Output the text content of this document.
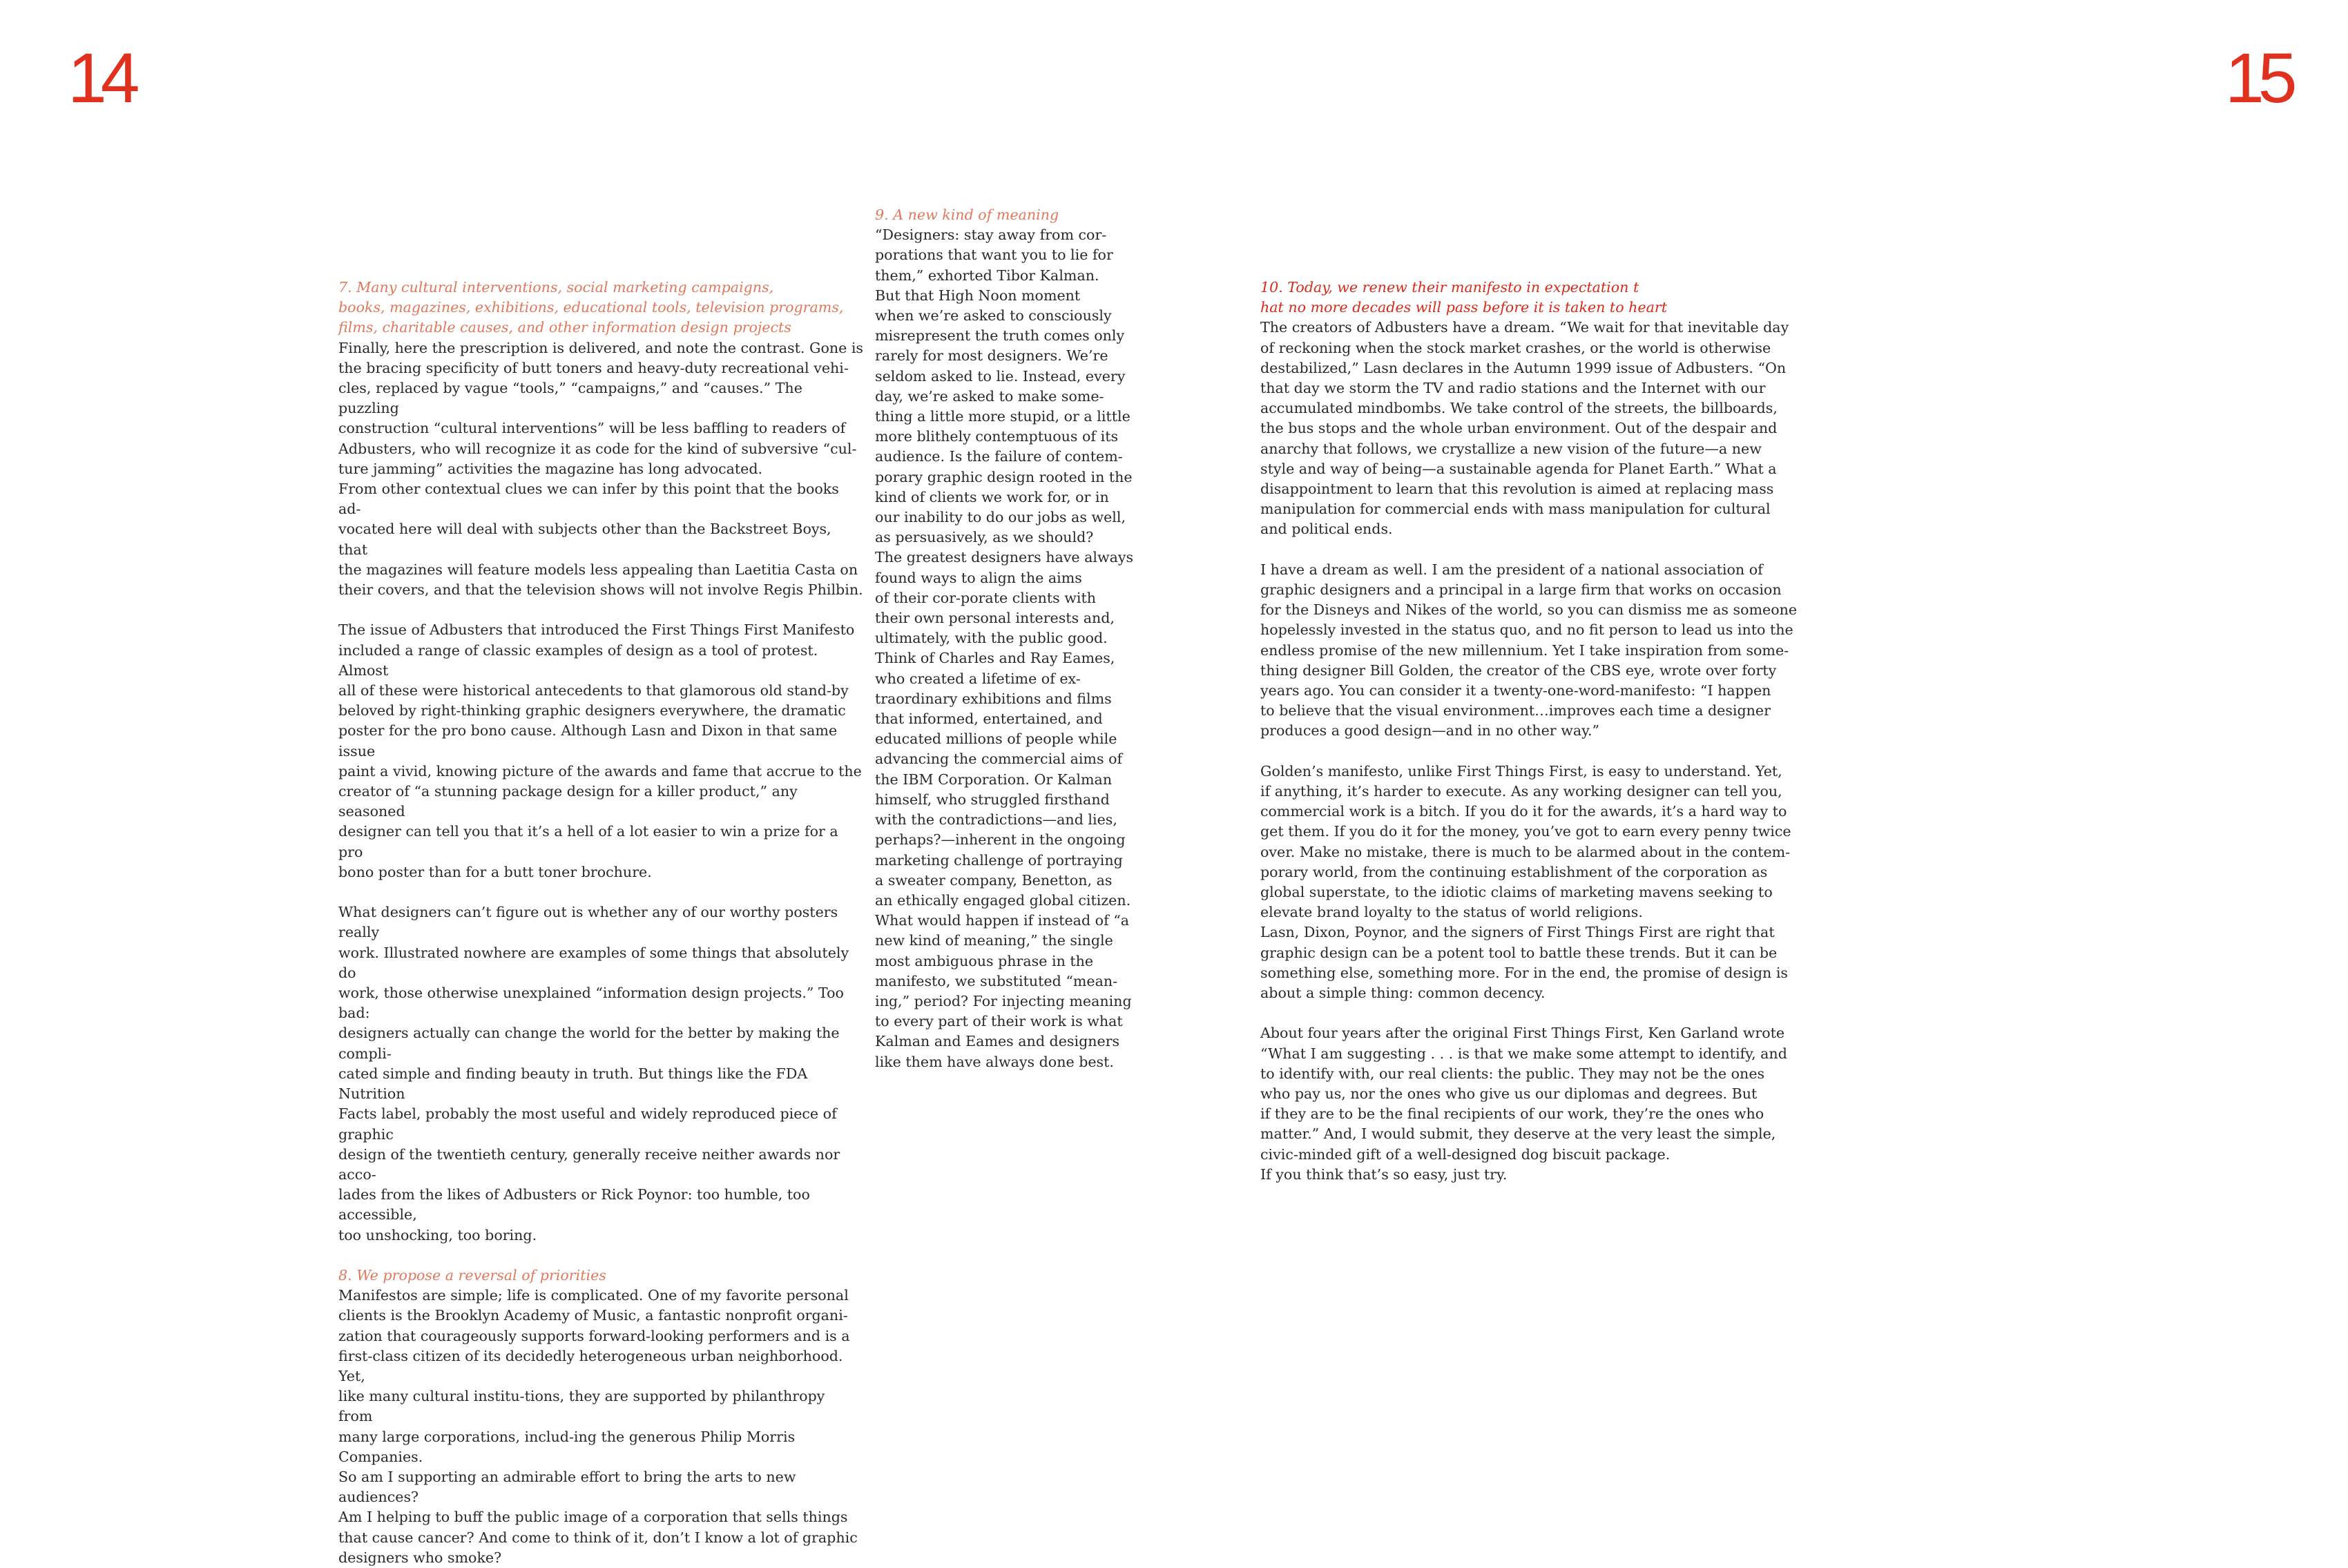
14	15

7. Many cultural interventions, social marketing campaigns,
books, magazines, exhibitions, educational tools, television programs,
films, charitable causes, and other information design projects

Finally, here the prescription is delivered, and note the contrast. Gone is
the bracing specificity of butt toners and heavy-duty recreational vehi-
cles, replaced by vague “tools,” “campaigns,” and “causes.” The puzzling
construction “cultural interventions” will be less baffling to readers of
Adbusters, who will recognize it as code for the kind of subversive “cul-
ture jamming” activities the magazine has long advocated.
From other contextual clues we can infer by this point that the books ad-
vocated here will deal with subjects other than the Backstreet Boys, that
the magazines will feature models less appealing than Laetitia Casta on
their covers, and that the television shows will not involve Regis Philbin.

The issue of Adbusters that introduced the First Things First Manifesto
included a range of classic examples of design as a tool of protest. Almost
all of these were historical antecedents to that glamorous old stand-by
beloved by right-thinking graphic designers everywhere, the dramatic
poster for the pro bono cause. Although Lasn and Dixon in that same issue
paint a vivid, knowing picture of the awards and fame that accrue to the
creator of “a stunning package design for a killer product,” any seasoned
designer can tell you that it’s a hell of a lot easier to win a prize for a pro
bono poster than for a butt toner brochure.

What designers can’t figure out is whether any of our worthy posters really
work. Illustrated nowhere are examples of some things that absolutely do
work, those otherwise unexplained “information design projects.” Too bad:
designers actually can change the world for the better by making the compli-
cated simple and finding beauty in truth. But things like the FDA Nutrition
Facts label, probably the most useful and widely reproduced piece of graphic
design of the twentieth century, generally receive neither awards nor acco-
lades from the likes of Adbusters or Rick Poynor: too humble, too accessible,
too unshocking, too boring.

8. We propose a reversal of priorities

Manifestos are simple; life is complicated. One of my favorite personal
clients is the Brooklyn Academy of Music, a fantastic nonprofit organi-
zation that courageously supports forward-looking performers and is a
first-class citizen of its decidedly heterogeneous urban neighborhood. Yet,
like many cultural institu-tions, they are supported by philanthropy from
many large corporations, includ-ing the generous Philip Morris Companies.
So am I supporting an admirable effort to bring the arts to new audiences?
Am I helping to buff the public image of a corporation that sells things
that cause cancer? And come to think of it, don’t I know a lot of graphic
designers who smoke?

9. A new kind of meaning

“Designers: stay away from cor-
porations that want you to lie for
them,” exhorted Tibor Kalman.
But that High Noon moment
when we’re asked to consciously
misrepresent the truth comes only
rarely for most designers. We’re
seldom asked to lie. Instead, every
day, we’re asked to make some-
thing a little more stupid, or a little
more blithely contemptuous of its
audience. Is the failure of contem-
porary graphic design rooted in the
kind of clients we work for, or in
our inability to do our jobs as well,
as persuasively, as we should?
The greatest designers have always
found ways to align the aims
of their cor-porate clients with
their own personal interests and,
ultimately, with the public good.
Think of Charles and Ray Eames,
who created a lifetime of ex-
traordinary exhibitions and films
that informed, entertained, and
educated millions of people while
advancing the commercial aims of
the IBM Corporation. Or Kalman
himself, who struggled firsthand
with the contradictions—and lies,
perhaps?—inherent in the ongoing
marketing challenge of portraying
a sweater company, Benetton, as
an ethically engaged global citizen.
What would happen if instead of “a
new kind of meaning,” the single
most ambiguous phrase in the
manifesto, we substituted “mean-
ing,” period? For injecting meaning
to every part of their work is what
Kalman and Eames and designers
like them have always done best.

10. Today, we renew their manifesto in expectation t
hat no more decades will pass before it is taken to heart

The creators of Adbusters have a dream. “We wait for that inevitable day
of reckoning when the stock market crashes, or the world is otherwise
destabilized,” Lasn declares in the Autumn 1999 issue of Adbusters. “On
that day we storm the TV and radio stations and the Internet with our
accumulated mindbombs. We take control of the streets, the billboards,
the bus stops and the whole urban environment. Out of the despair and
anarchy that follows, we crystallize a new vision of the future—a new
style and way of being—a sustainable agenda for Planet Earth.” What a
disappointment to learn that this revolution is aimed at replacing mass
manipulation for commercial ends with mass manipulation for cultural
and political ends.

I have a dream as well. I am the president of a national association of
graphic designers and a principal in a large firm that works on occasion
for the Disneys and Nikes of the world, so you can dismiss me as someone
hopelessly invested in the status quo, and no fit person to lead us into the
endless promise of the new millennium. Yet I take inspiration from some-
thing designer Bill Golden, the creator of the CBS eye, wrote over forty
years ago. You can consider it a twenty-one-word-manifesto: “I happen
to believe that the visual environment…improves each time a designer
produces a good design—and in no other way.”

Golden’s manifesto, unlike First Things First, is easy to understand. Yet,
if anything, it’s harder to execute. As any working designer can tell you,
commercial work is a bitch. If you do it for the awards, it’s a hard way to
get them. If you do it for the money, you’ve got to earn every penny twice
over. Make no mistake, there is much to be alarmed about in the contem-
porary world, from the continuing establishment of the corporation as
global superstate, to the idiotic claims of marketing mavens seeking to
elevate brand loyalty to the status of world religions.
Lasn, Dixon, Poynor, and the signers of First Things First are right that
graphic design can be a potent tool to battle these trends. But it can be
something else, something more. For in the end, the promise of design is
about a simple thing: common decency.

About four years after the original First Things First, Ken Garland wrote
“What I am suggesting . . . is that we make some attempt to identify, and
to identify with, our real clients: the public. They may not be the ones
who pay us, nor the ones who give us our diplomas and degrees. But
if they are to be the final recipients of our work, they’re the ones who
matter.” And, I would submit, they deserve at the very least the simple,
civic-minded gift of a well-designed dog biscuit package.
If you think that’s so easy, just try.
